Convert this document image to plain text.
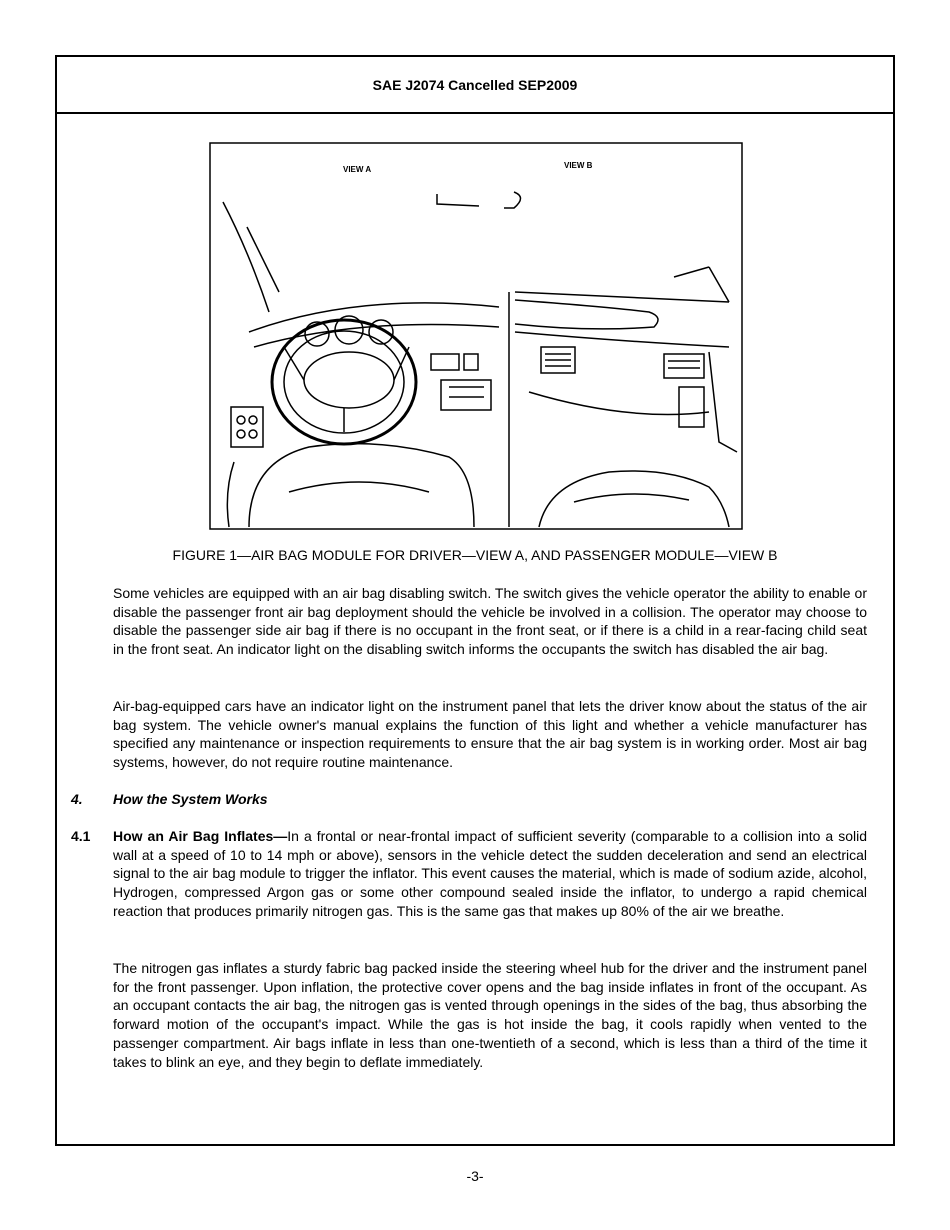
SAE J2074 Cancelled SEP2009
VIEW A	VIEW B
FIGURE 1—AIR BAG MODULE FOR DRIVER—VIEW A, AND PASSENGER MODULE—VIEW B

Some vehicles are equipped with an air bag disabling switch. The switch gives the vehicle operator the ability to enable or disable the passenger front air bag deployment should the vehicle be involved in a collision. The operator may choose to disable the passenger side air bag if there is no occupant in the front seat, or if there is a child in a rear-facing child seat in the front seat. An indicator light on the disabling switch informs the occupants the switch has disabled the air bag.

Air-bag-equipped cars have an indicator light on the instrument panel that lets the driver know about the status of the air bag system. The vehicle owner's manual explains the function of this light and whether a vehicle manufacturer has specified any maintenance or inspection requirements to ensure that the air bag system is in working order. Most air bag systems, however, do not require routine maintenance.

4. How the System Works
4.1 How an Air Bag Inflates—In a frontal or near-frontal impact of sufficient severity (comparable to a collision into a solid wall at a speed of 10 to 14 mph or above), sensors in the vehicle detect the sudden deceleration and send an electrical signal to the air bag module to trigger the inflator. This event causes the material, which is made of sodium azide, alcohol, Hydrogen, compressed Argon gas or some other compound sealed inside the inflator, to undergo a rapid chemical reaction that produces primarily nitrogen gas. This is the same gas that makes up 80% of the air we breathe.

The nitrogen gas inflates a sturdy fabric bag packed inside the steering wheel hub for the driver and the instrument panel for the front passenger. Upon inflation, the protective cover opens and the bag inside inflates in front of the occupant. As an occupant contacts the air bag, the nitrogen gas is vented through openings in the sides of the bag, thus absorbing the forward motion of the occupant's impact. While the gas is hot inside the bag, it cools rapidly when vented to the passenger compartment. Air bags inflate in less than one-twentieth of a second, which is less than a third of the time it takes to blink an eye, and they begin to deflate immediately.

-3-
